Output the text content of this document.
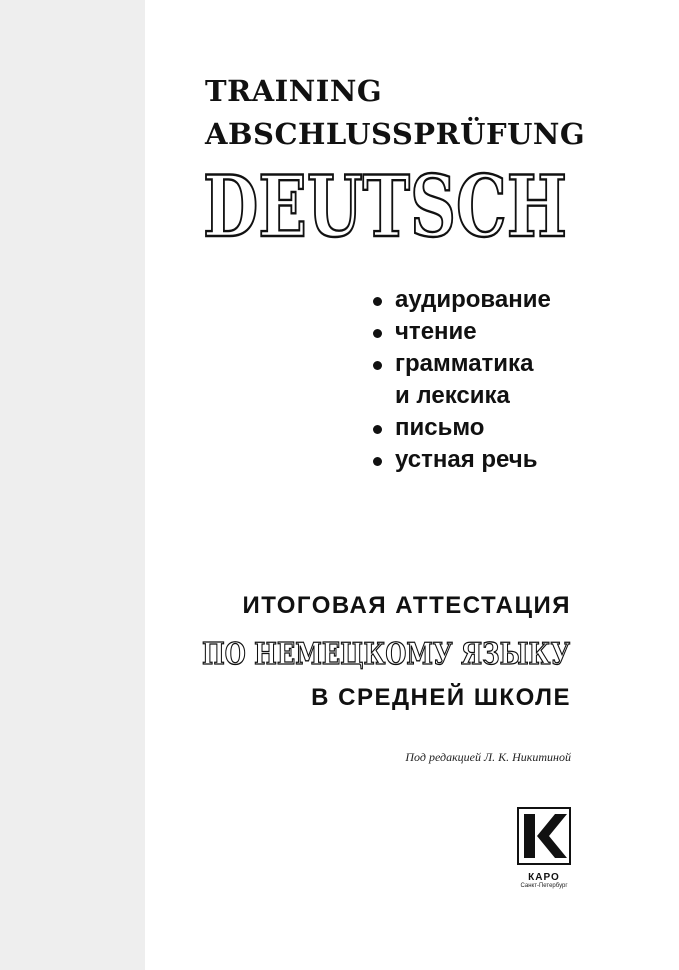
TRAINING
ABSCHLUSSPRÜFUNG
DEUTSCH
аудирование
чтение
грамматика
и лексика
письмо
устная речь
ИТОГОВАЯ АТТЕСТАЦИЯ
ПО НЕМЕЦКОМУ ЯЗЫКУ
В СРЕДНЕЙ ШКОЛЕ
Под редакцией Л. К. Никитиной
КАРО
Санкт-Петербург
